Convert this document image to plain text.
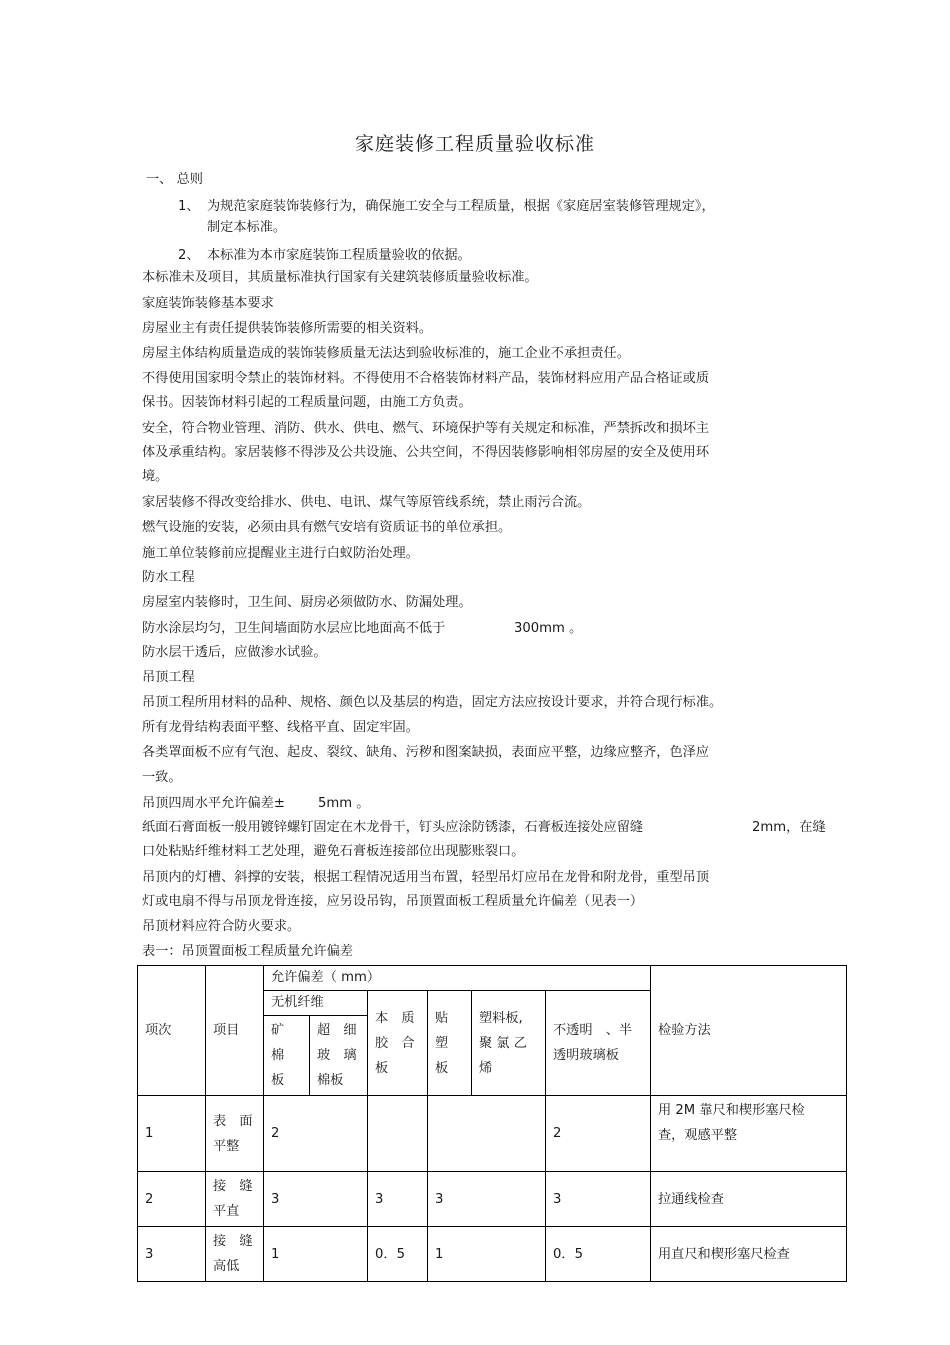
家庭装修工程质量验收标准
一、 总则
1、 为规范家庭装饰装修行为，确保施工安全与工程质量，根据《家庭居室装修管理规定》，
制定本标准。
2、 本标准为本市家庭装饰工程质量验收的依据。
本标准未及项目，其质量标准执行国家有关建筑装修质量验收标准。
家庭装饰装修基本要求
房屋业主有责任提供装饰装修所需要的相关资料。
房屋主体结构质量造成的装饰装修质量无法达到验收标准的，施工企业不承担责任。
不得使用国家明令禁止的装饰材料。不得使用不合格装饰材料产品，装饰材料应用产品合格证或质
保书。因装饰材料引起的工程质量问题，由施工方负责。
安全，符合物业管理、消防、供水、供电、燃气、环境保护等有关规定和标准，严禁拆改和损坏主
体及承重结构。家居装修不得涉及公共设施、公共空间，不得因装修影响相邻房屋的安全及使用环
境。
家居装修不得改变给排水、供电、电讯、煤气等原管线系统，禁止雨污合流。
燃气设施的安装，必须由具有燃气安培有资质证书的单位承担。
施工单位装修前应提醒业主进行白蚁防治处理。
防水工程
房屋室内装修时，卫生间、厨房必须做防水、防漏处理。
防水涂层均匀，卫生间墙面防水层应比地面高不低于	300mm 。
防水层干透后，应做渗水试验。
吊顶工程
吊顶工程所用材料的品种、规格、颜色以及基层的构造，固定方法应按设计要求，并符合现行标准。
所有龙骨结构表面平整、线格平直、固定牢固。
各类罩面板不应有气泡、起皮、裂纹、缺角、污秽和图案缺损，表面应平整，边缘应整齐，色泽应
一致。
吊顶四周水平允许偏差±	5mm 。
纸面石膏面板一般用镀锌螺钉固定在木龙骨干，钉头应涂防锈漆，石膏板连接处应留缝	2mm，在缝
口处粘贴纤维材料工艺处理，避免石膏板连接部位出现膨账裂口。
吊顶内的灯槽、斜撑的安装，根据工程情况适用当布置，轻型吊灯应吊在龙骨和附龙骨，重型吊顶
灯或电扇不得与吊顶龙骨连接，应另设吊钩，吊顶置面板工程质量允许偏差（见表一）
吊顶材料应符合防火要求。
表一：吊顶置面板工程质量允许偏差
项次	项目	允许偏差（ mm）						检验方法
		无机纤维		本　质
胶　合
板	贴
塑
板	塑料板,
聚 氯 乙
烯	不透明　、半
透明玻璃板	

		矿
棉
板	超　细
玻　璃
棉板					

1	表　面
平整	2					2	用 2M 靠尺和楔形塞尺检
查，观感平整

2	接　缝
平直	3		3	3		3	拉通线检查

3	接　缝
高低	1		0．5	1		0．5	用直尺和楔形塞尺检查
